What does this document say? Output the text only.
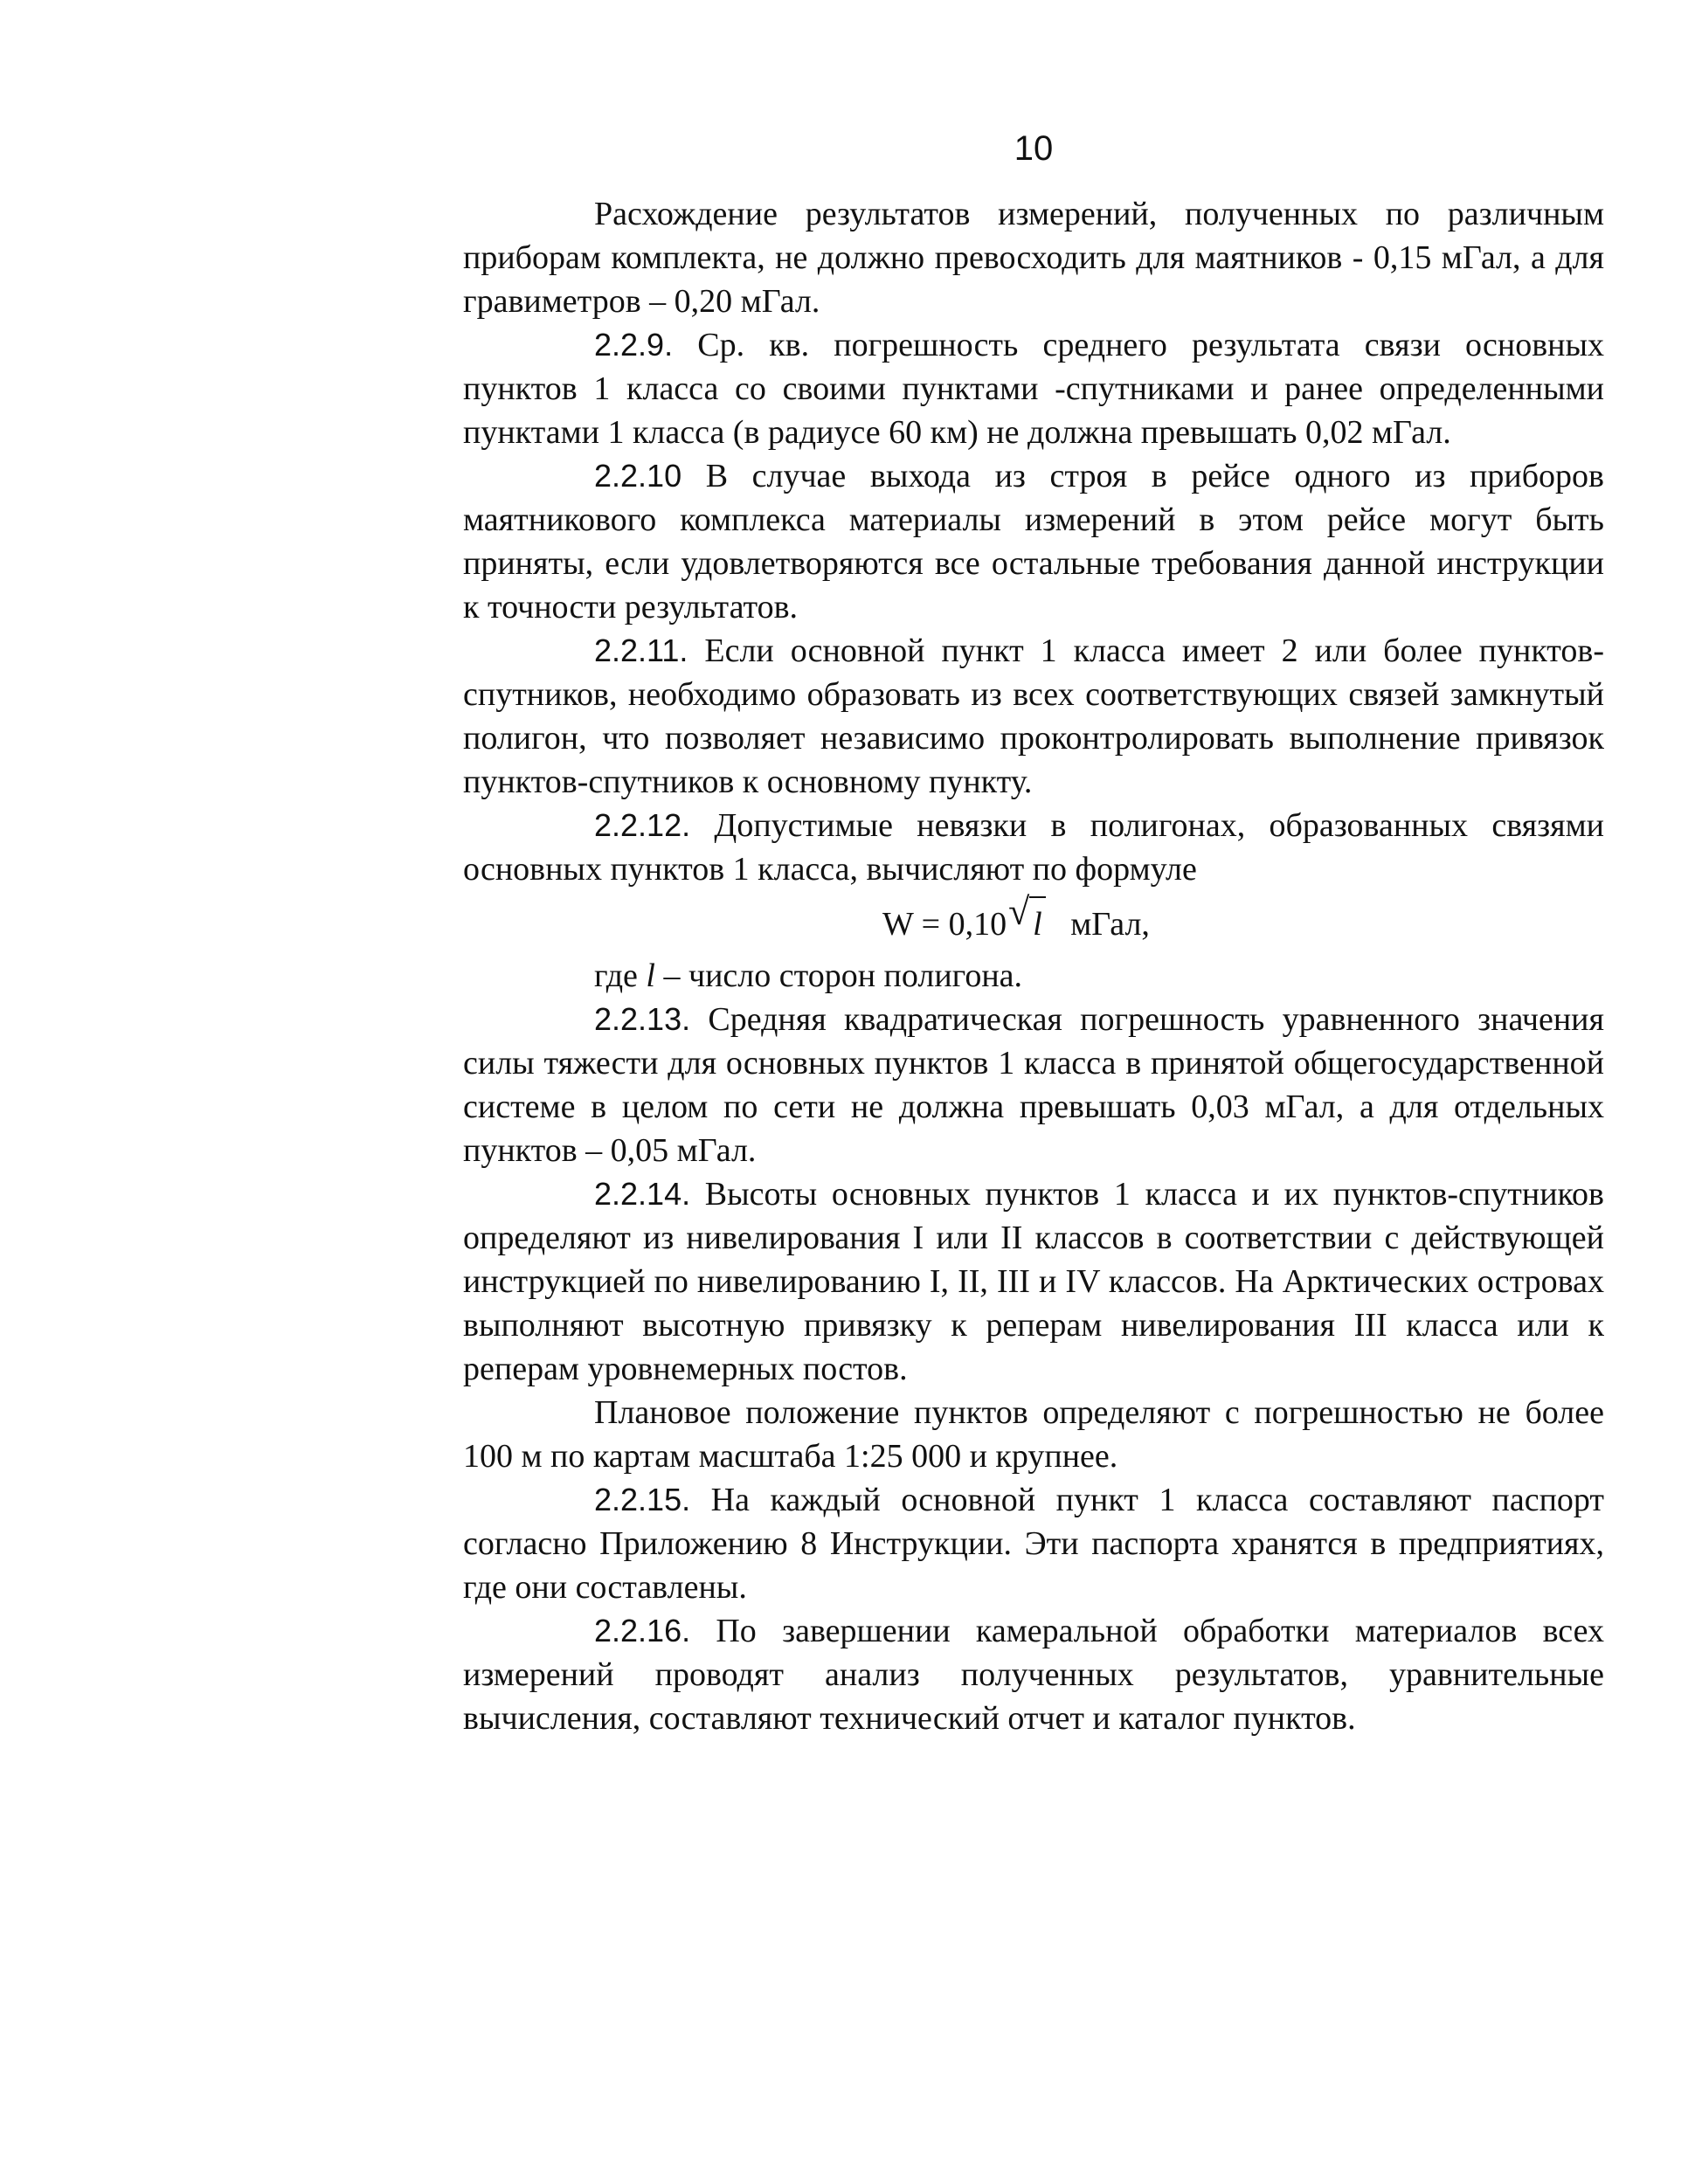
10

Расхождение результатов измерений, полученных по различным приборам комплекта, не должно превосходить для маятников - 0,15 мГал, а для гравиметров – 0,20 мГал.

2.2.9. Ср. кв. погрешность среднего результата связи основных пунктов 1 класса со своими пунктами -спутниками и ранее определенными пунктами 1 класса (в радиусе 60 км) не должна превышать 0,02 мГал.

2.2.10 В случае выхода из строя в рейсе одного из приборов маятникового комплекса материалы измерений в этом рейсе могут быть приняты, если удовлетворяются все остальные требования данной инструкции к точности результатов.

2.2.11. Если основной пункт 1 класса имеет 2 или более пунктов-спутников, необходимо образовать из всех соответствующих связей замкнутый полигон, что позволяет независимо проконтролировать выполнение привязок пунктов-спутников к основному пункту.

2.2.12. Допустимые невязки в полигонах, образованных связями основных пунктов 1 класса, вычисляют по формуле

W = 0,10 √ l мГал,
где l – число сторон полигона.

2.2.13. Средняя квадратическая погрешность уравненного значения силы тяжести для основных пунктов 1 класса в принятой общегосударственной системе в целом по сети не должна превышать 0,03 мГал, а для отдельных пунктов – 0,05 мГал.

2.2.14. Высоты основных пунктов 1 класса и их пунктов-спутников определяют из нивелирования I или II классов в соответствии с действующей инструкцией по нивелированию I, II, III и IV классов. На Арктических островах выполняют высотную привязку к реперам нивелирования III класса или к реперам уровнемерных постов.

Плановое положение пунктов определяют с погрешностью не более 100 м по картам масштаба 1:25 000 и крупнее.

2.2.15. На каждый основной пункт 1 класса составляют паспорт согласно Приложению 8 Инструкции. Эти паспорта хранятся в предприятиях, где они составлены.

2.2.16. По завершении камеральной обработки материалов всех измерений проводят анализ полученных результатов, уравнительные вычисления, составляют технический отчет и каталог пунктов.
